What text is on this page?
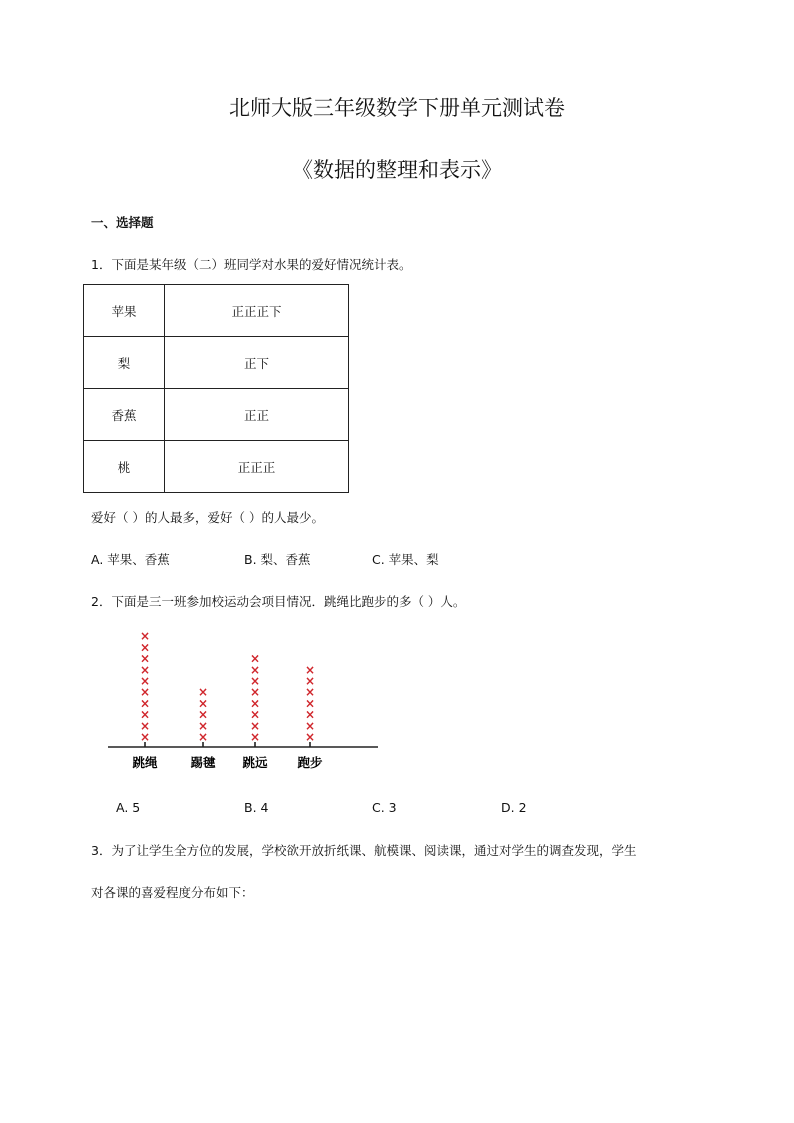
北师大版三年级数学下册单元测试卷
《数据的整理和表示》

一、选择题

1．下面是某年级（二）班同学对水果的爱好情况统计表。

苹果	正正正下
梨	正下
香蕉	正正
桃	正正正

爱好（ ）的人最多，爱好（ ）的人最少。

A. 苹果、香蕉	B. 梨、香蕉	C. 苹果、梨

2．下面是三一班参加校运动会项目情况．跳绳比跑步的多（ ）人。

×
×
×
×
×
×
×
×
×
×
跳绳
×
×
×
×
×
踢毽
×
×
×
×
×
×
×
×
跳远
×
×
×
×
×
×
×
跑步
A. 5	B. 4	C. 3	D. 2

3．为了让学生全方位的发展，学校欲开放折纸课、航模课、阅读课，通过对学生的调查发现，学生

对各课的喜爱程度分布如下：
